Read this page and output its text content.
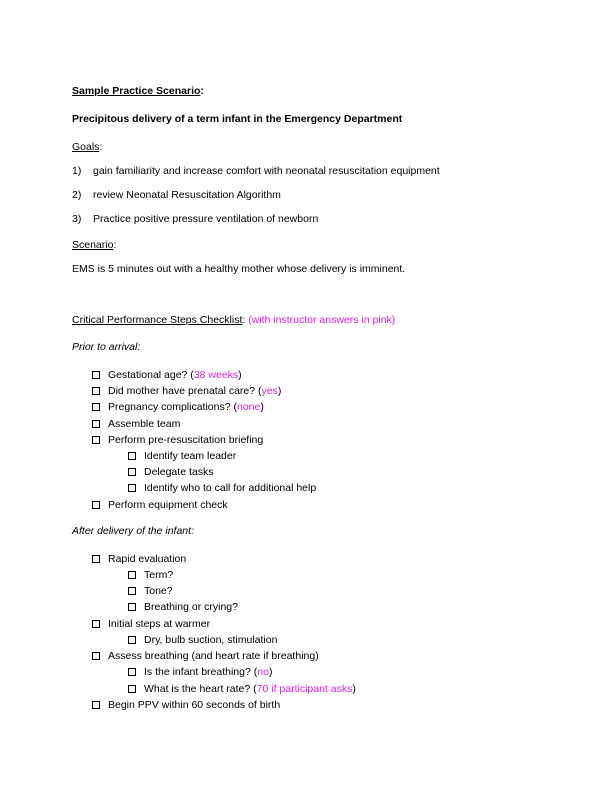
Sample Practice Scenario:
Precipitous delivery of a term infant in the Emergency Department
Goals:
1) gain familiarity and increase comfort with neonatal resuscitation equipment
2) review Neonatal Resuscitation Algorithm
3) Practice positive pressure ventilation of newborn
Scenario:
EMS is 5 minutes out with a healthy mother whose delivery is imminent.
Critical Performance Steps Checklist: (with instructor answers in pink)
Prior to arrival:
Gestational age? (38 weeks)
Did mother have prenatal care? (yes)
Pregnancy complications? (none)
Assemble team
Perform pre-resuscitation briefing
Identify team leader
Delegate tasks
Identify who to call for additional help
Perform equipment check
After delivery of the infant:
Rapid evaluation
Term?
Tone?
Breathing or crying?
Initial steps at warmer
Dry, bulb suction, stimulation
Assess breathing (and heart rate if breathing)
Is the infant breathing? (no)
What is the heart rate? (70 if participant asks)
Begin PPV within 60 seconds of birth
